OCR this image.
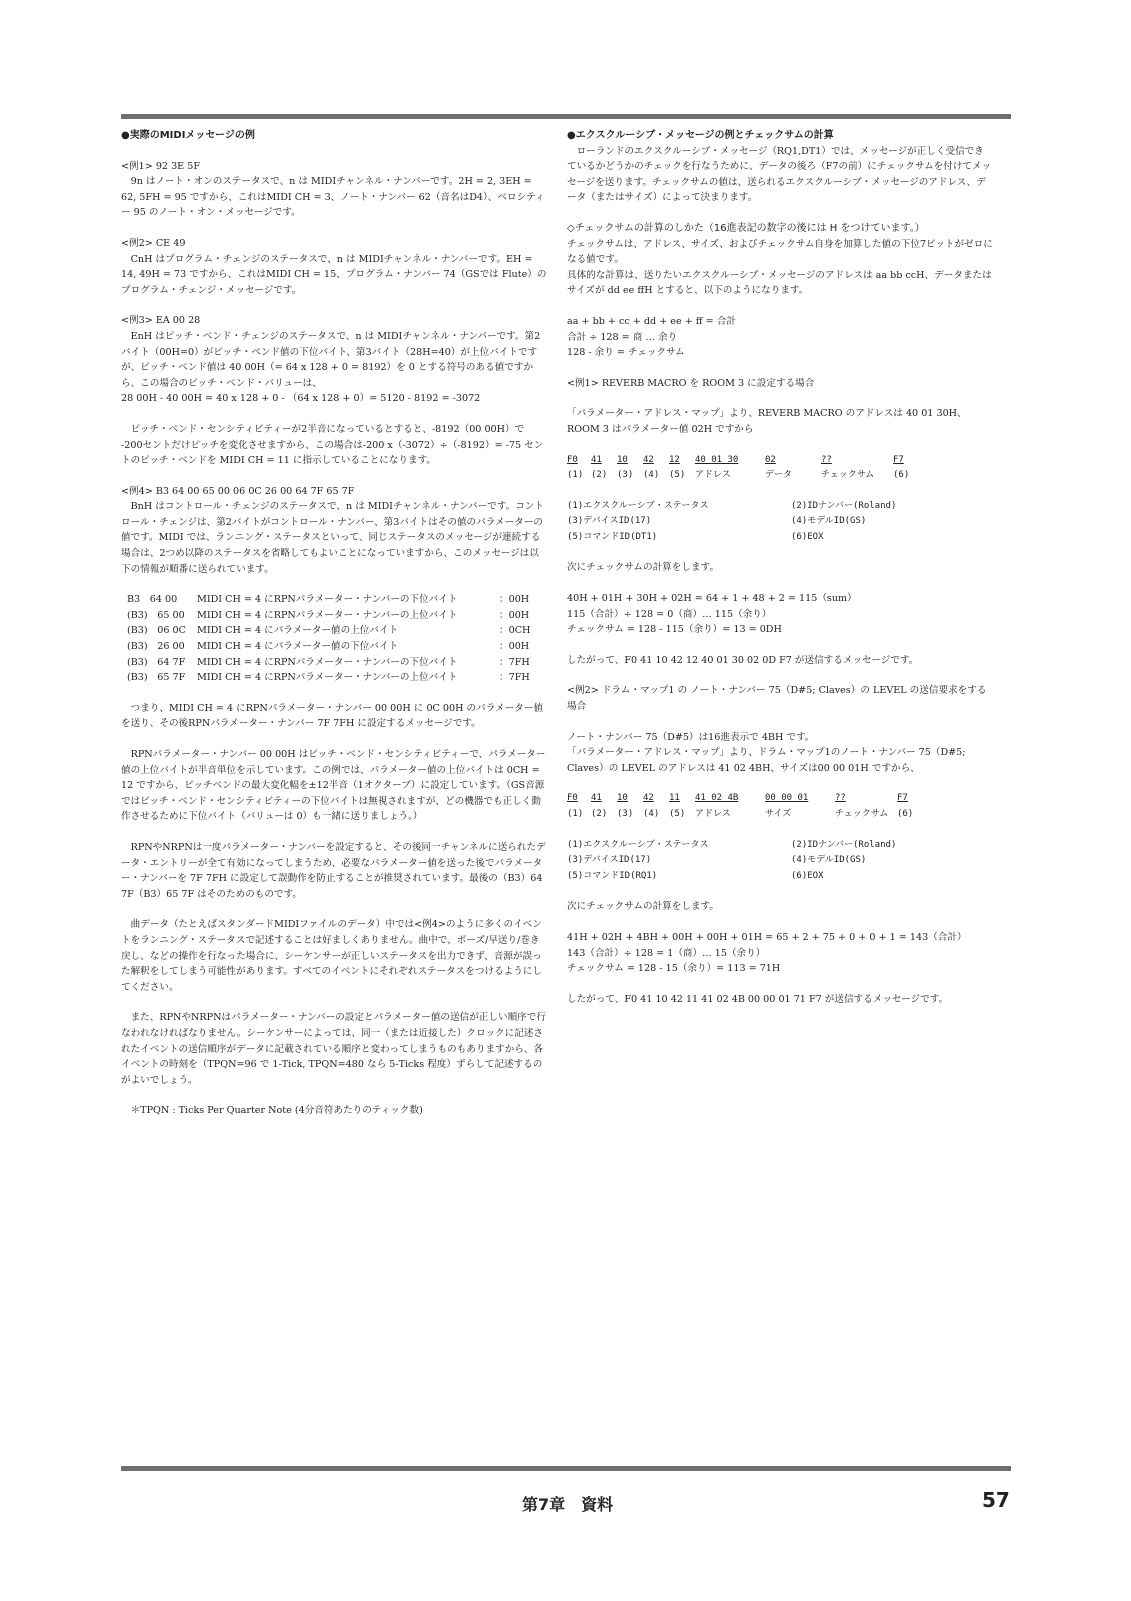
●実際のMIDIメッセージの例

<例1> 92 3E 5F

9n はノート・オンのステータスで、n は MIDIチャンネル・ナンバーです。2H = 2, 3EH = 62, 5FH = 95 ですから、これはMIDI CH = 3、ノート・ナンバー 62（音名はD4）、ベロシティー 95 のノート・オン・メッセージです。

<例2> CE 49

CnH はプログラム・チェンジのステータスで、n は MIDIチャンネル・ナンバーです。EH = 14, 49H = 73 ですから、これはMIDI CH = 15、プログラム・ナンバー 74（GSでは Flute）のプログラム・チェンジ・メッセージです。

<例3> EA 00 28

EnH はピッチ・ベンド・チェンジのステータスで、n は MIDIチャンネル・ナンバーです。第2バイト（00H=0）がピッチ・ベンド値の下位バイト、第3バイト（28H=40）が上位バイトですが、ピッチ・ベンド値は 40 00H（= 64 x 128 + 0 = 8192）を 0 とする符号のある値ですから、この場合のピッチ・ベンド・バリューは、

28 00H - 40 00H = 40 x 128 + 0 - （64 x 128 + 0）= 5120 - 8192 = -3072

ピッチ・ベンド・センシティビティーが2半音になっているとすると、-8192（00 00H）で -200セントだけピッチを変化させますから、この場合は-200 x（-3072）÷（-8192）= -75 セントのピッチ・ベンドを MIDI CH = 11 に指示していることになります。

<例4> B3 64 00 65 00 06 0C 26 00 64 7F 65 7F

BnH はコントロール・チェンジのステータスで、n は MIDIチャンネル・ナンバーです。コントロール・チェンジは、第2バイトがコントロール・ナンバー、第3バイトはその値のパラメーターの値です。MIDI では、ランニング・ステータスといって、同じステータスのメッセージが連続する場合は、2つめ以降のステータスを省略してもよいことになっていますから、このメッセージは以下の情報が順番に送られています。

B3　64 00	MIDI CH = 4 にRPNパラメーター・ナンバーの下位バイト	：00H
(B3)　65 00	MIDI CH = 4 にRPNパラメーター・ナンバーの上位バイト	：00H
(B3)　06 0C	MIDI CH = 4 にパラメーター値の上位バイト	：0CH
(B3)　26 00	MIDI CH = 4 にパラメーター値の下位バイト	：00H
(B3)　64 7F	MIDI CH = 4 にRPNパラメーター・ナンバーの下位バイト	：7FH
(B3)　65 7F	MIDI CH = 4 にRPNパラメーター・ナンバーの上位バイト	：7FH

つまり、MIDI CH = 4 にRPNパラメーター・ナンバー 00 00H に 0C 00H のパラメーター値を送り、その後RPNパラメーター・ナンバー 7F 7FH に設定するメッセージです。

RPNパラメーター・ナンバー 00 00H はピッチ・ベンド・センシティビティーで、パラメーター値の上位バイトが半音単位を示しています。この例では、パラメーター値の上位バイトは 0CH = 12 ですから、ピッチベンドの最大変化幅を±12半音（1オクターブ）に設定しています。（GS音源ではピッチ・ベンド・センシティビティーの下位バイトは無視されますが、どの機器でも正しく動作させるために下位バイト（バリューは 0）も一緒に送りましょう。）

RPNやNRPNは一度パラメーター・ナンバーを設定すると、その後同一チャンネルに送られたデータ・エントリーが全て有効になってしまうため、必要なパラメーター値を送った後でパラメーター・ナンバーを 7F 7FH に設定して誤動作を防止することが推奨されています。最後の（B3）64 7F（B3）65 7F はそのためのものです。

曲データ（たとえばスタンダードMIDIファイルのデータ）中では<例4>のように多くのイベントをランニング・ステータスで記述することは好ましくありません。曲中で、ポーズ/早送り/巻き戻し、などの操作を行なった場合に、シーケンサーが正しいステータスを出力できず、音源が誤った解釈をしてしまう可能性があります。すべてのイベントにそれぞれステータスをつけるようにしてください。

また、RPNやNRPNはパラメーター・ナンバーの設定とパラメーター値の送信が正しい順序で行なわれなければなりません。シーケンサーによっては、同一（または近接した）クロックに記述されたイベントの送信順序がデータに記載されている順序と変わってしまうものもありますから、各イベントの時刻を（TPQN=96 で 1-Tick, TPQN=480 なら 5-Ticks 程度）ずらして記述するのがよいでしょう。

＊TPQN : Ticks Per Quarter Note (4分音符あたりのティック数)

●エクスクルーシブ・メッセージの例とチェックサムの計算

ローランドのエクスクルーシブ・メッセージ（RQ1,DT1）では、メッセージが正しく受信できているかどうかのチェックを行なうために、データの後ろ（F7の前）にチェックサムを付けてメッセージを送ります。チェックサムの値は、送られるエクスクルーシブ・メッセージのアドレス、データ（またはサイズ）によって決まります。

◇チェックサムの計算のしかた（16進表記の数字の後には H をつけています。）

チェックサムは、アドレス、サイズ、およびチェックサム自身を加算した値の下位7ビットがゼロになる値です。

具体的な計算は、送りたいエクスクルーシブ・メッセージのアドレスは aa bb ccH、データまたはサイズが dd ee ffH とすると、以下のようになります。

aa + bb + cc + dd + ee + ff = 合計

合計 ÷ 128 = 商 … 余り

128 - 余り = チェックサム

<例1> REVERB MACRO を ROOM 3 に設定する場合

「パラメーター・アドレス・マップ」より、REVERB MACRO のアドレスは 40 01 30H、ROOM 3 はパラメーター値 02H ですから

F0	41	10	42	12	40 01 30	02	??	F7
(1)	(2)	(3)	(4)	(5)	アドレス	データ	チェックサム	(6)
(1)エクスクルーシブ・ステータス	(2)IDナンバー(Roland)
(3)デバイスID(17)	(4)モデルID(GS)
(5)コマンドID(DT1)	(6)EOX

次にチェックサムの計算をします。

40H + 01H + 30H + 02H = 64 + 1 + 48 + 2 = 115（sum）

115（合計）÷ 128 = 0（商）… 115（余り）

チェックサム = 128 - 115（余り）= 13 = 0DH

したがって、F0 41 10 42 12 40 01 30 02 0D F7 が送信するメッセージです。

<例2> ドラム・マップ1 の ノート・ナンバー 75（D#5; Claves）の LEVEL の送信要求をする場合

ノート・ナンバー 75（D#5）は16進表示で 4BH です。

「パラメーター・アドレス・マップ」より、ドラム・マップ1のノート・ナンバー 75（D#5; Claves）の LEVEL のアドレスは 41 02 4BH、サイズは00 00 01H ですから、

F0	41	10	42	11	41 02 4B	00 00 01	??	F7
(1)	(2)	(3)	(4)	(5)	アドレス	サイズ	チェックサム	(6)
(1)エクスクルーシブ・ステータス	(2)IDナンバー(Roland)
(3)デバイスID(17)	(4)モデルID(GS)
(5)コマンドID(RQ1)	(6)EOX

次にチェックサムの計算をします。

41H + 02H + 4BH + 00H + 00H + 01H = 65 + 2 + 75 + 0 + 0 + 1 = 143（合計）

143（合計）÷ 128 = 1（商）… 15（余り）

チェックサム = 128 - 15（余り）= 113 = 71H

したがって、F0 41 10 42 11 41 02 4B 00 00 01 71 F7 が送信するメッセージです。

第7章　資料	57
